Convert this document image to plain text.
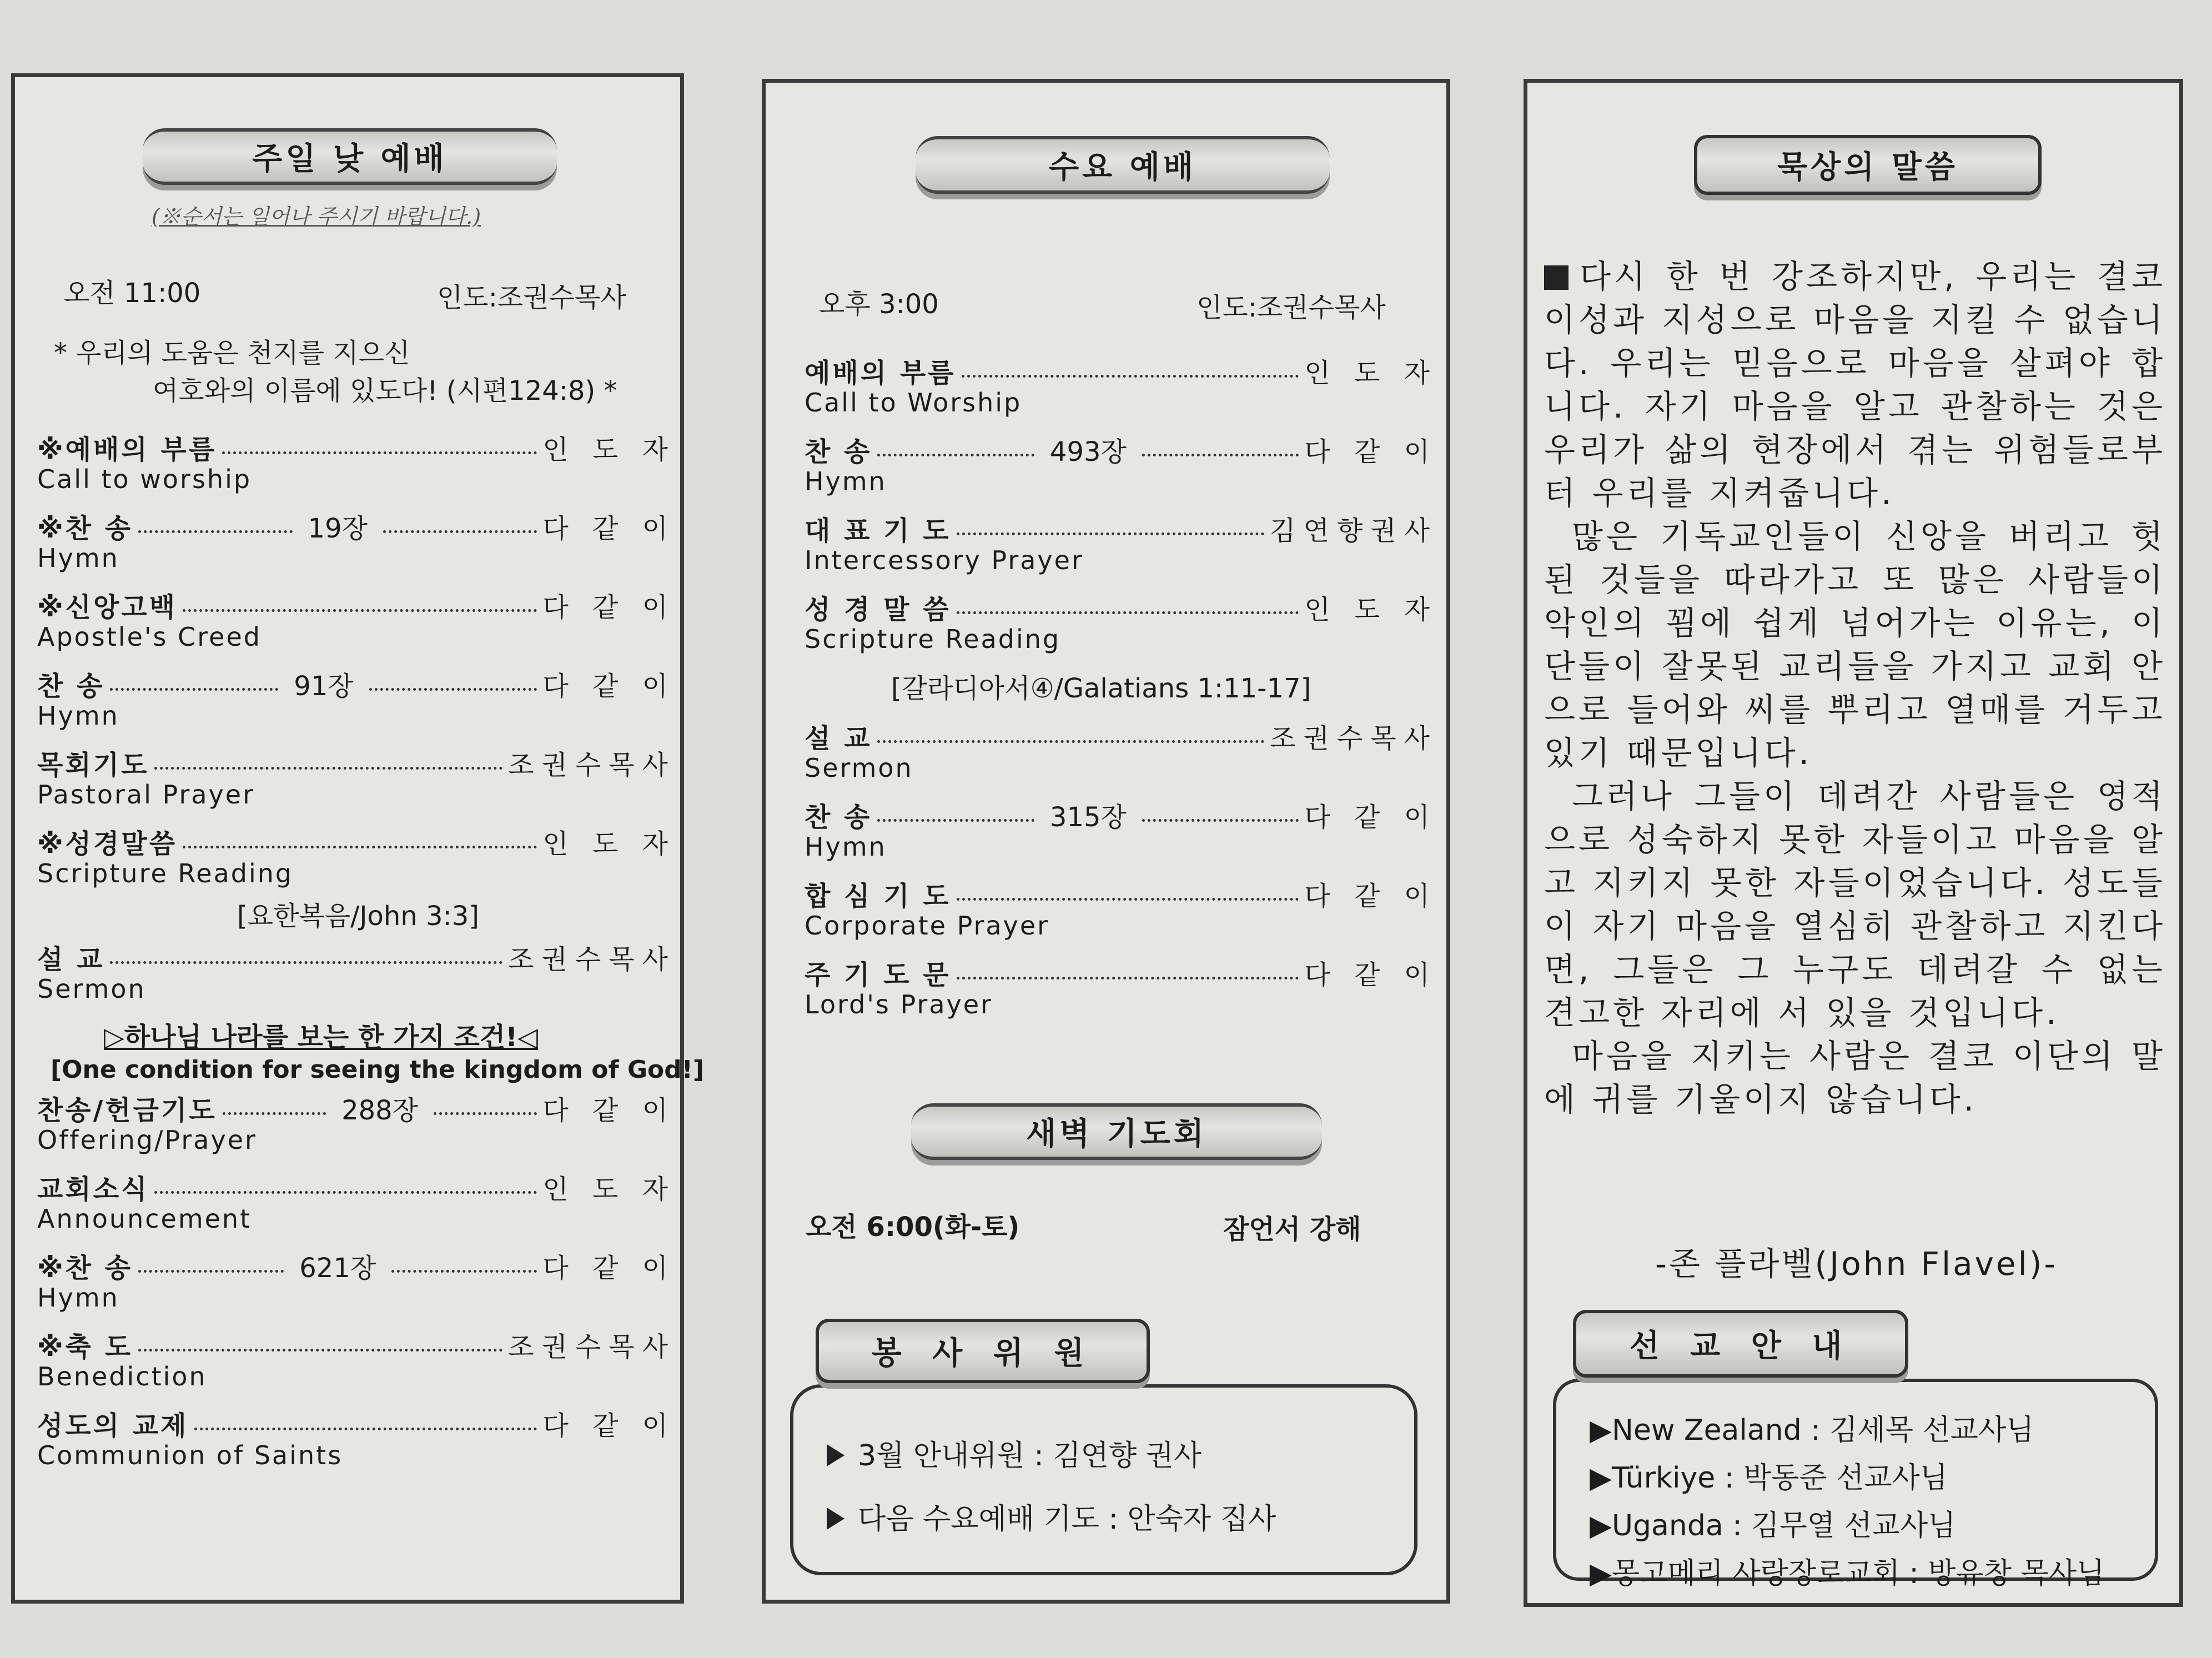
주일 낮 예배
(※순서는 일어나 주시기 바랍니다.)
오전 11:00	인도:조권수목사
* 우리의 도움은 천지를 지으신
여호와의 이름에 있도다! (시편124:8) *
※예배의 부름	인 도 자
Call to worship
※찬 송	19장	다 같 이
Hymn
※신앙고백	다 같 이
Apostle's Creed
찬 송	91장	다 같 이
Hymn
목회기도	조권수목사
Pastoral Prayer
※성경말씀	인 도 자
Scripture Reading
[요한복음/John 3:3]
설 교	조권수목사
Sermon
▷하나님 나라를 보는 한 가지 조건!◁
[One condition for seeing the kingdom of God!]
찬송/헌금기도	288장	다 같 이
Offering/Prayer
교회소식	인 도 자
Announcement
※찬 송	621장	다 같 이
Hymn
※축 도	조권수목사
Benediction
성도의 교제	다 같 이
Communion of Saints
수요 예배
오후 3:00	인도:조권수목사
예배의 부름	인 도 자
Call to Worship
찬 송	493장	다 같 이
Hymn
대 표 기 도	김연향권사
Intercessory Prayer
성 경 말 씀	인 도 자
Scripture Reading
[갈라디아서④/Galatians 1:11-17]
설 교	조권수목사
Sermon
찬 송	315장	다 같 이
Hymn
합 심 기 도	다 같 이
Corporate Prayer
주 기 도 문	다 같 이
Lord's Prayer
새벽 기도회
오전 6:00(화-토)	잠언서 강해
봉 사 위 원
3월 안내위원 : 김연향 권사
다음 수요예배 기도 : 안숙자 집사
묵상의 말씀

다시 한 번 강조하지만, 우리는 결코 이성과 지성으로 마음을 지킬 수 없습니다. 우리는 믿음으로 마음을 살펴야 합니다. 자기 마음을 알고 관찰하는 것은 우리가 삶의 현장에서 겪는 위험들로부터 우리를 지켜줍니다.

많은 기독교인들이 신앙을 버리고 헛된 것들을 따라가고 또 많은 사람들이 악인의 꾐에 쉽게 넘어가는 이유는, 이단들이 잘못된 교리들을 가지고 교회 안으로 들어와 씨를 뿌리고 열매를 거두고 있기 때문입니다.

그러나 그들이 데려간 사람들은 영적으로 성숙하지 못한 자들이고 마음을 알고 지키지 못한 자들이었습니다. 성도들이 자기 마음을 열심히 관찰하고 지킨다면, 그들은 그 누구도 데려갈 수 없는 견고한 자리에 서 있을 것입니다.

마음을 지키는 사람은 결코 이단의 말에 귀를 기울이지 않습니다.

-존 플라벨(John Flavel)-
선 교 안 내
▶New Zealand : 김세목 선교사님
▶Türkiye : 박동준 선교사님
▶Uganda : 김무열 선교사님
▶몽고메리 사랑장로교회 : 방유창 목사님
